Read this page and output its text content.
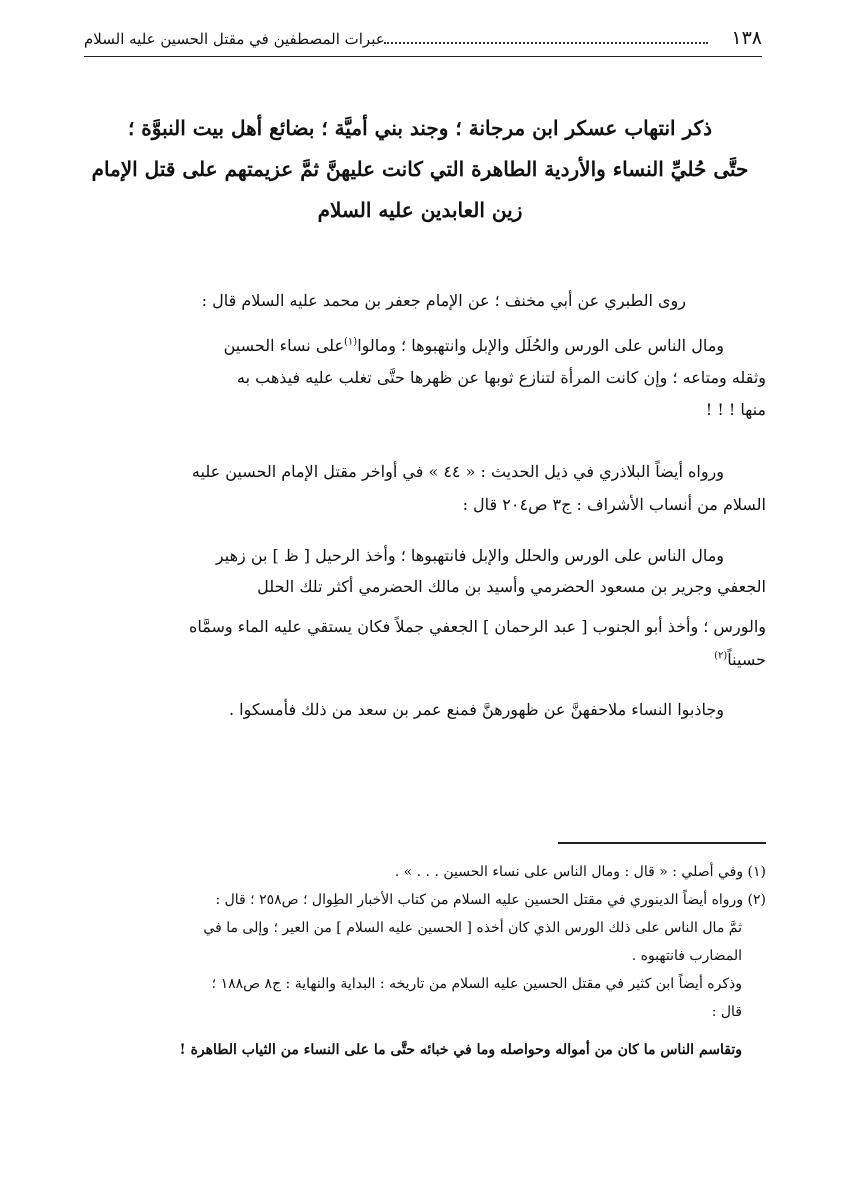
١٣٨
عبرات المصطفين في مقتل الحسين عليه السلام
ذكر انتهاب عسكر ابن مرجانة ؛ وجند بني أميَّة ؛ بضائع أهل بيت النبوَّة ؛
حتَّى حُليِّ النساء والأردية الطاهرة التي كانت عليهنَّ ثمَّ عزيمتهم على قتل الإمام
زين العابدين عليه السلام
روى الطبري عن أبي مخنف ؛ عن الإمام جعفر بن محمد عليه السلام قال :
ومال الناس على الورس والحُلَل والإبل وانتهبوها ؛ ومالوا$^{(١)}$على نساء الحسين
وثقله ومتاعه ؛ وإن كانت المرأة لتنازع ثوبها عن ظهرها حتَّى تغلب عليه فيذهب به
منها ! ! !
ورواه أيضاً البلاذري في ذيل الحديث : « ٤٤ » في أواخر مقتل الإمام الحسين عليه
السلام من أنساب الأشراف : ج٣ ص٢٠٤ قال :
ومال الناس على الورس والحلل والإبل فانتهبوها ؛ وأخذ الرحيل [ ظ ] بن زهير
الجعفي وجرير بن مسعود الحضرمي وأسيد بن مالك الحضرمي أكثر تلك الحلل
والورس ؛ وأخذ أبو الجنوب [ عبد الرحمان ] الجعفي جملاً فكان يستقي عليه الماء وسمَّاه
حسيناً$^{(٢)}$
وجاذبوا النساء ملاحفهنَّ عن ظهورهنَّ فمنع عمر بن سعد من ذلك فأمسكوا .
(١) وفي أصلي : « قال : ومال الناس على نساء الحسين . . . » .
(٢) ورواه أيضاً الدينوري في مقتل الحسين عليه السلام من كتاب الأخبار الطِوال ؛ ص٢٥٨ ؛ قال :
ثمَّ مال الناس على ذلك الورس الذي كان أخذه [ الحسين عليه السلام ] من العير ؛ وإلى ما في
المضارب فانتهبوه .
وذكره أيضاً ابن كثير في مقتل الحسين عليه السلام من تاريخه : البداية والنهاية : ج٨ ص١٨٨ ؛
قال :
وتقاسم الناس ما كان من أمواله وحواصله وما في خبائه حتَّى ما على النساء من الثياب الطاهرة !
